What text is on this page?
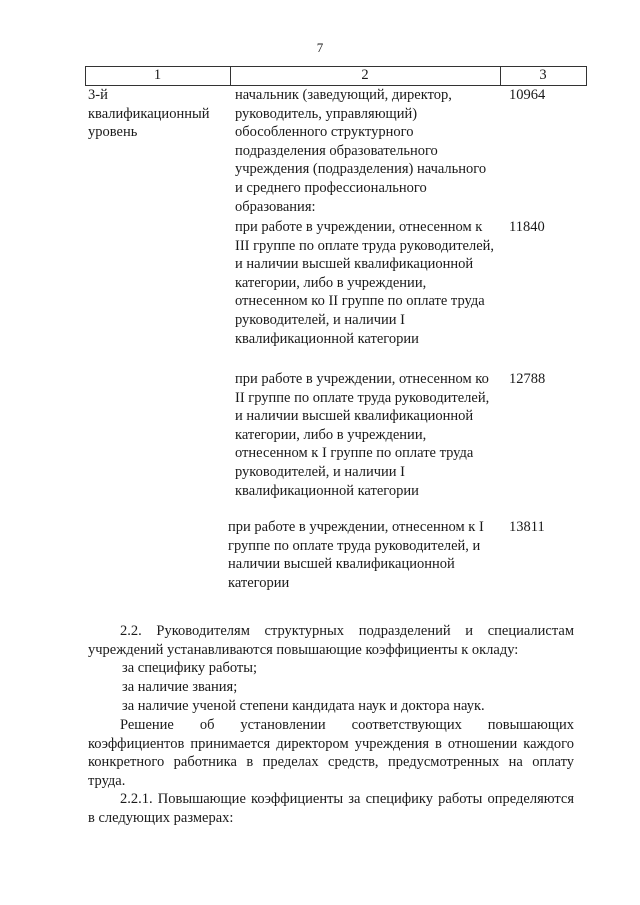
7
1	2	3
3-й квалификационный уровень
начальник (заведующий, директор, руководитель, управляющий) обособленного структурного подразделения образовательного учреждения (подразделения) начального и среднего профессионального образования:
10964
при работе в учреждении, отнесенном к III группе по оплате труда руководителей, и наличии высшей квалификационной категории, либо в учреждении, отнесенном ко II группе по оплате труда руководителей, и наличии I квалификационной категории
11840
при работе в учреждении, отнесенном ко II группе по оплате труда руководителей, и наличии высшей квалификационной категории, либо в учреждении, отнесенном к I группе по оплате труда руководителей, и наличии I квалификационной категории
12788
при работе в учреждении, отнесенном к I группе по оплате труда руководителей, и наличии высшей квалификационной категории
13811
2.2. Руководителям структурных подразделений и специалистам учреждений устанавливаются повышающие коэффициенты к окладу:
за специфику работы;
за наличие звания;
за наличие ученой степени кандидата наук и доктора наук.
Решение об установлении соответствующих повышающих коэффициентов принимается директором учреждения в отношении каждого конкретного работника в пределах средств, предусмотренных на оплату труда.
2.2.1. Повышающие коэффициенты за специфику работы определяются в следующих размерах:
